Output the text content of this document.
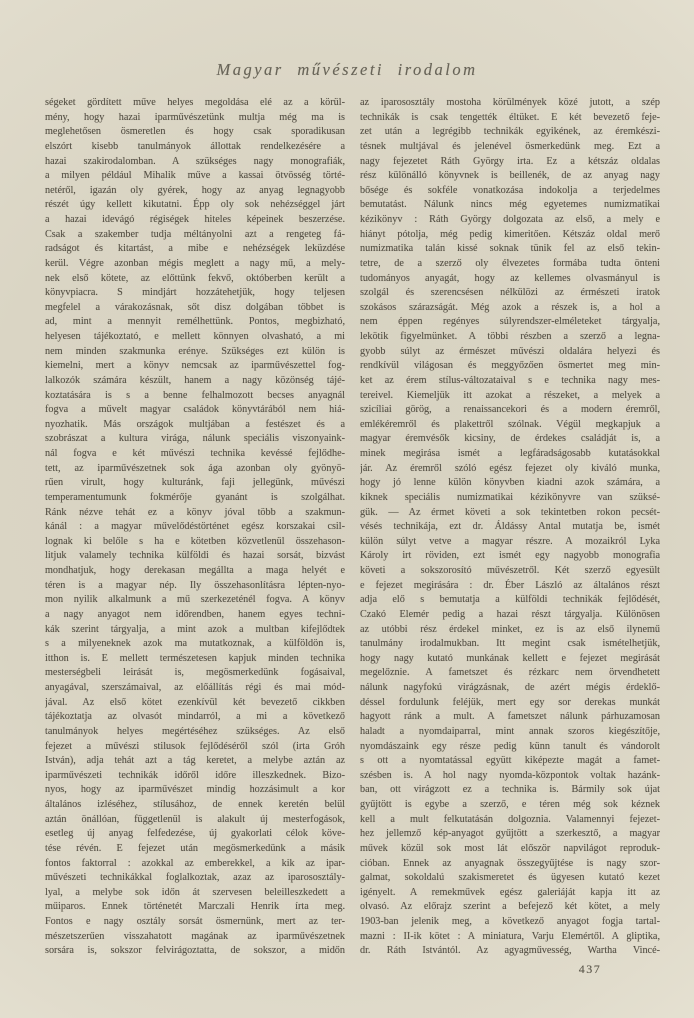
Magyar művészeti irodalom
ségeket gördített műve helyes megoldása elé az a körül-
mény, hogy hazai iparművészetünk multja még ma is
meglehetősen ösmeretlen és hogy csak sporadikusan
elszórt kisebb tanulmányok állottak rendelkezésére a
hazai szakirodalomban. A szükséges nagy monografiák,
a milyen például Mihalik műve a kassai ötvösség törté-
netéről, igazán oly gyérek, hogy az anyag legnagyobb
részét úgy kellett kikutatni. Épp oly sok nehézséggel járt
a hazai idevágó régiségek hiteles képeinek beszerzése.
Csak a szakember tudja méltányolni azt a rengeteg fá-
radságot és kitartást, a mibe e nehézségek leküzdése
kerül. Végre azonban mégis meglett a nagy mű, a mely-
nek első kötete, az előttünk fekvő, októberben került a
könyvpiacra. S mindjárt hozzátehetjük, hogy teljesen
megfelel a várakozásnak, sőt disz dolgában többet is
ad, mint a mennyit remélhettünk. Pontos, megbizható,
helyesen tájékoztató, e mellett könnyen olvasható, a mi
nem minden szakmunka erénye. Szükséges ezt külön is
kiemelni, mert a könyv nemcsak az iparművészettel fog-
lalkozók számára készült, hanem a nagy közönség tájé-
koztatására is s a benne felhalmozott becses anyagnál
fogva a művelt magyar családok könyvtárából nem hiá-
nyozhatik. Más országok multjában a festészet és a
szobrászat a kultura virága, nálunk speciális viszonyaink-
nál fogva e két művészi technika kevéssé fejlődhe-
tett, az iparművészetnek sok ága azonban oly gyönyö-
rűen virult, hogy kulturánk, faji jellegünk, művészi
temperamentumunk fokmérője gyanánt is szolgálhat.
Ránk nézve tehát ez a könyv jóval több a szakmun-
kánál : a magyar művelődéstörténet egész korszakai csil-
lognak ki belőle s ha e kötetben közvetlenül összehason-
litjuk valamely technika külföldi és hazai sorsát, bizvást
mondhatjuk, hogy derekasan megállta a maga helyét e
téren is a magyar nép. Ily összehasonlításra lépten-nyo-
mon nyilik alkalmunk a mű szerkezeténél fogva. A könyv
a nagy anyagot nem időrendben, hanem egyes techni-
kák szerint tárgyalja, a mint azok a multban kifejlődtek
s a milyeneknek azok ma mutatkoznak, a külföldön is,
itthon is. E mellett természetesen kapjuk minden technika
mesterségbeli leirását is, megösmerkedünk fogásaival,
anyagával, szerszámaival, az előállítás régi és mai mód-
jával. Az első kötet ezenkívül két bevezető cikkben
tájékoztatja az olvasót mindarról, a mi a következő
tanulmányok helyes megértéséhez szükséges. Az első
fejezet a művészi stilusok fejlődéséről szól (irta Gróh
István), adja tehát azt a tág keretet, a melybe aztán az
iparművészeti technikák időről időre illeszkednek. Bizo-
nyos, hogy az iparművészet mindig hozzásimult a kor
általános izléséhez, stílusához, de ennek keretén belül
aztán önállóan, függetlenül is alakult új mesterfogások,
esetleg új anyag felfedezése, új gyakorlati célok köve-
tése révén. E fejezet után megösmerkedünk a másik
fontos faktorral : azokkal az emberekkel, a kik az ipar-
művészeti technikákkal foglalkoztak, azaz az iparososztály-
lyal, a melybe sok időn át szervesen beleilleszkedett a
műiparos. Ennek történetét Marczali Henrik írta meg.
Fontos e nagy osztály sorsát ösmernünk, mert az ter-
mészetszerűen visszahatott magának az iparművészetnek
sorsára is, sokszor felvirágoztatta, de sokszor, a midőn
az iparososztály mostoha körülmények közé jutott, a szép
technikák is csak tengették éltüket. E két bevezető feje-
zet után a legrégibb technikák egyikének, az éremkészi-
tésnek multjával és jelenével ösmerkedünk meg. Ezt a
nagy fejezetet Ráth György irta. Ez a kétszáz oldalas
rész különálló könyvnek is beillenék, de az anyag nagy
bősége és sokféle vonatkozása indokolja a terjedelmes
bemutatást. Nálunk nincs még egyetemes numizmatikai
kézikönyv : Ráth György dolgozata az első, a mely e
hiányt pótolja, még pedig kimeritően. Kétszáz oldal merő
numizmatika talán kissé soknak tünik fel az első tekin-
tetre, de a szerző oly élvezetes formába tudta önteni
tudományos anyagát, hogy az kellemes olvasmányul is
szolgál és szerencsésen nélkülözi az érmészeti iratok
szokásos szárazságát. Még azok a részek is, a hol a
nem éppen regényes súlyrendszer-elméleteket tárgyalja,
lekötik figyelmünket. A többi részben a szerző a legna-
gyobb súlyt az érmészet művészi oldalára helyezi és
rendkívül világosan és meggyőzően ösmertet meg min-
ket az érem stílus-változataival s e technika nagy mes-
tereivel. Kiemeljük itt azokat a részeket, a melyek a
szicíliai görög, a renaissancekori és a modern éremről,
emlékéremről és plakettről szólnak. Végül megkapjuk a
magyar éremvésők kicsiny, de érdekes családját is, a
minek megirása ismét a legfáradságosabb kutatásokkal
jár. Az éremről szóló egész fejezet oly kiváló munka,
hogy jó lenne külön könyvben kiadni azok számára, a
kiknek speciális numizmatikai kézikönyvre van szüksé-
gük. — Az érmet követi a sok tekintetben rokon pecsét-
vésés technikája, ezt dr. Áldássy Antal mutatja be, ismét
külön súlyt vetve a magyar részre. A mozaikról Lyka
Károly irt röviden, ezt ismét egy nagyobb monografia
követi a sokszorosító művészetről. Két szerző egyesült
e fejezet megirására : dr. Éber László az általános részt
adja elő s bemutatja a külföldi technikák fejlődését,
Czakó Elemér pedig a hazai részt tárgyalja. Különösen
az utóbbi rész érdekel minket, ez is az első ilynemű
tanulmány irodalmukban. Itt megint csak ismételhetjük,
hogy nagy kutató munkának kellett e fejezet megirását
megelőznie. A fametszet és rézkarc nem örvendhetett
nálunk nagyfokú virágzásnak, de azért mégis érdeklő-
déssel fordulunk feléjük, mert egy sor derekas munkát
hagyott ránk a mult. A fametszet nálunk párhuzamosan
haladt a nyomdaiparral, mint annak szoros kiegészítője,
nyomdászaink egy része pedig künn tanult és vándorolt
s ott a nyomtatással együtt kiképezte magát a famet-
szésben is. A hol nagy nyomda-központok voltak hazánk-
ban, ott virágzott ez a technika is. Bármily sok újat
gyűjtött is egybe a szerző, e téren még sok kéznek
kell a mult felkutatásán dolgoznia. Valamennyi fejezet-
hez jellemző kép-anyagot gyűjtött a szerkesztő, a magyar
művek közül sok most lát először napvilágot reproduk-
cióban. Ennek az anyagnak összegyűjtése is nagy szor-
galmat, sokoldalú szakismeretet és ügyesen kutató kezet
igényelt. A remekművek egész galeriáját kapja itt az
olvasó. Az előrajz szerint a befejező két kötet, a mely
1903-ban jelenik meg, a következő anyagot fogja tartal-
mazni : II-ik kötet : A miniatura, Varju Elemértől. A gliptika,
dr. Ráth Istvántól. Az agyagművesség, Wartha Vincé-
437
